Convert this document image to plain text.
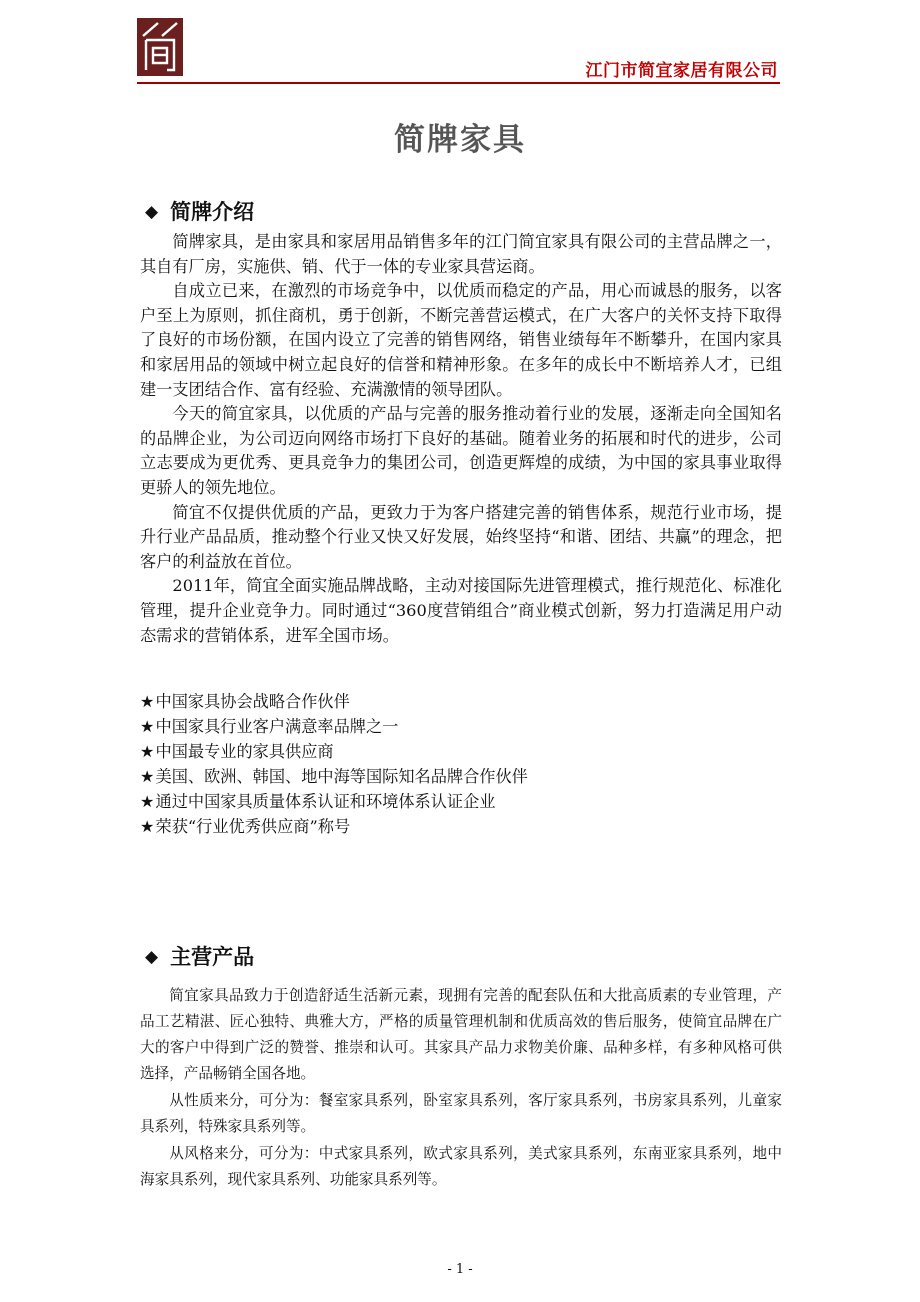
江门市简宜家居有限公司
简牌家具
◆ 简牌介绍

简牌家具，是由家具和家居用品销售多年的江门简宜家具有限公司的主营品牌之一，其自有厂房，实施供、销、代于一体的专业家具营运商。

自成立已来，在激烈的市场竞争中，以优质而稳定的产品，用心而诚恳的服务，以客户至上为原则，抓住商机，勇于创新，不断完善营运模式，在广大客户的关怀支持下取得了良好的市场份额，在国内设立了完善的销售网络，销售业绩每年不断攀升，在国内家具和家居用品的领域中树立起良好的信誉和精神形象。在多年的成长中不断培养人才，已组建一支团结合作、富有经验、充满激情的领导团队。

今天的简宜家具，以优质的产品与完善的服务推动着行业的发展，逐渐走向全国知名的品牌企业，为公司迈向网络市场打下良好的基础。随着业务的拓展和时代的进步，公司立志要成为更优秀、更具竞争力的集团公司，创造更辉煌的成绩，为中国的家具事业取得更骄人的领先地位。

简宜不仅提供优质的产品，更致力于为客户搭建完善的销售体系，规范行业市场，提升行业产品品质，推动整个行业又快又好发展，始终坚持“和谐、团结、共赢”的理念，把客户的利益放在首位。

2011年，简宜全面实施品牌战略，主动对接国际先进管理模式，推行规范化、标准化管理，提升企业竞争力。同时通过“360度营销组合”商业模式创新，努力打造满足用户动态需求的营销体系，进军全国市场。

★中国家具协会战略合作伙伴
★中国家具行业客户满意率品牌之一
★中国最专业的家具供应商
★美国、欧洲、韩国、地中海等国际知名品牌合作伙伴
★通过中国家具质量体系认证和环境体系认证企业
★荣获“行业优秀供应商”称号
◆ 主营产品

简宜家具品致力于创造舒适生活新元素，现拥有完善的配套队伍和大批高质素的专业管理，产品工艺精湛、匠心独特、典雅大方，严格的质量管理机制和优质高效的售后服务，使简宜品牌在广大的客户中得到广泛的赞誉、推崇和认可。其家具产品力求物美价廉、品种多样，有多种风格可供选择，产品畅销全国各地。

从性质来分，可分为：餐室家具系列，卧室家具系列，客厅家具系列，书房家具系列，儿童家具系列，特殊家具系列等。

从风格来分，可分为：中式家具系列，欧式家具系列，美式家具系列，东南亚家具系列，地中海家具系列，现代家具系列、功能家具系列等。

- 1 -
